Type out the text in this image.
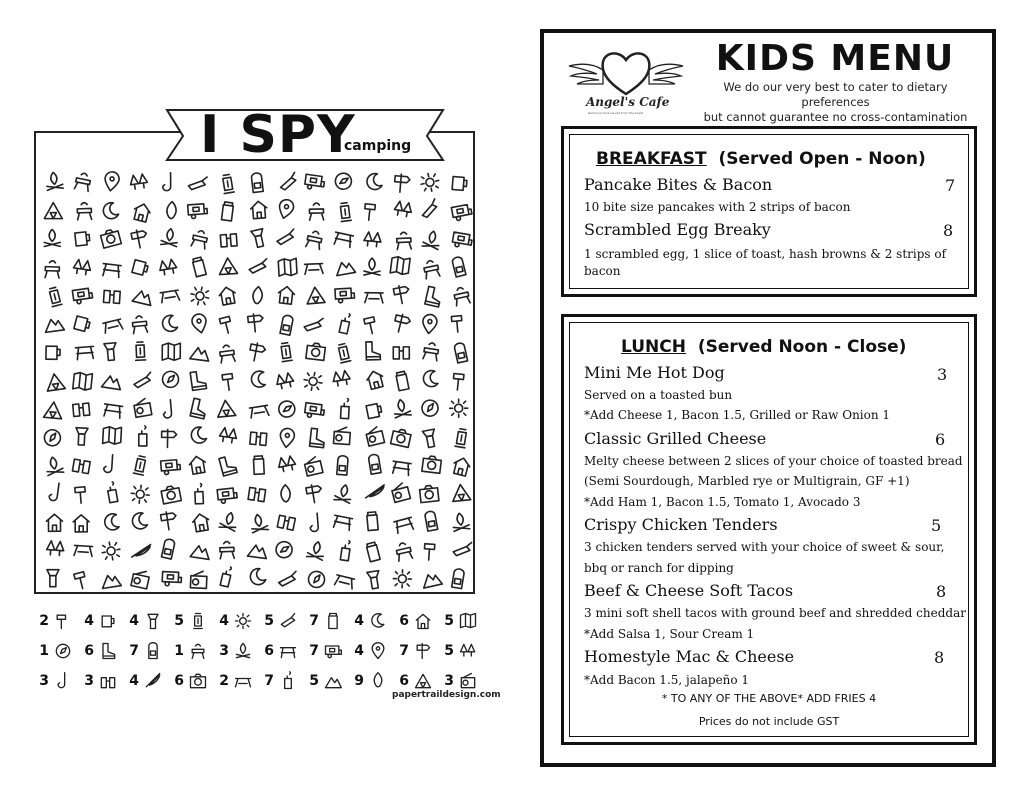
I SPY
camping
2	4	4	5	4	5	7	4	6	5
1	6	7	1	3	6	7	4	7	5
3	3	4	6	2	7	5	9	6	3
papertraildesign.com
Angel's Cafe
Delicious food served from the heart
KIDS MENU
We do our very best to cater to dietary preferences
but cannot guarantee no cross-contamination
BREAKFAST (Served Open - Noon)
Pancake Bites & Bacon	7
10 bite size pancakes with 2 strips of bacon
Scrambled Egg Breaky	8
1 scrambled egg, 1 slice of toast, hash browns & 2 strips of
bacon
LUNCH (Served Noon - Close)
Mini Me Hot Dog	3
Served on a toasted bun
*Add Cheese 1, Bacon 1.5, Grilled or Raw Onion 1
Classic Grilled Cheese	6
Melty cheese between 2 slices of your choice of toasted bread
(Semi Sourdough, Marbled rye or Multigrain, GF +1)
*Add Ham 1, Bacon 1.5, Tomato 1, Avocado 3
Crispy Chicken Tenders	5
3 chicken tenders served with your choice of sweet & sour,
bbq or ranch for dipping
Beef & Cheese Soft Tacos	8
3 mini soft shell tacos with ground beef and shredded cheddar
*Add Salsa 1, Sour Cream 1
Homestyle Mac & Cheese	8
*Add Bacon 1.5, jalapeño 1
* TO ANY OF THE ABOVE* ADD FRIES 4
Prices do not include GST
